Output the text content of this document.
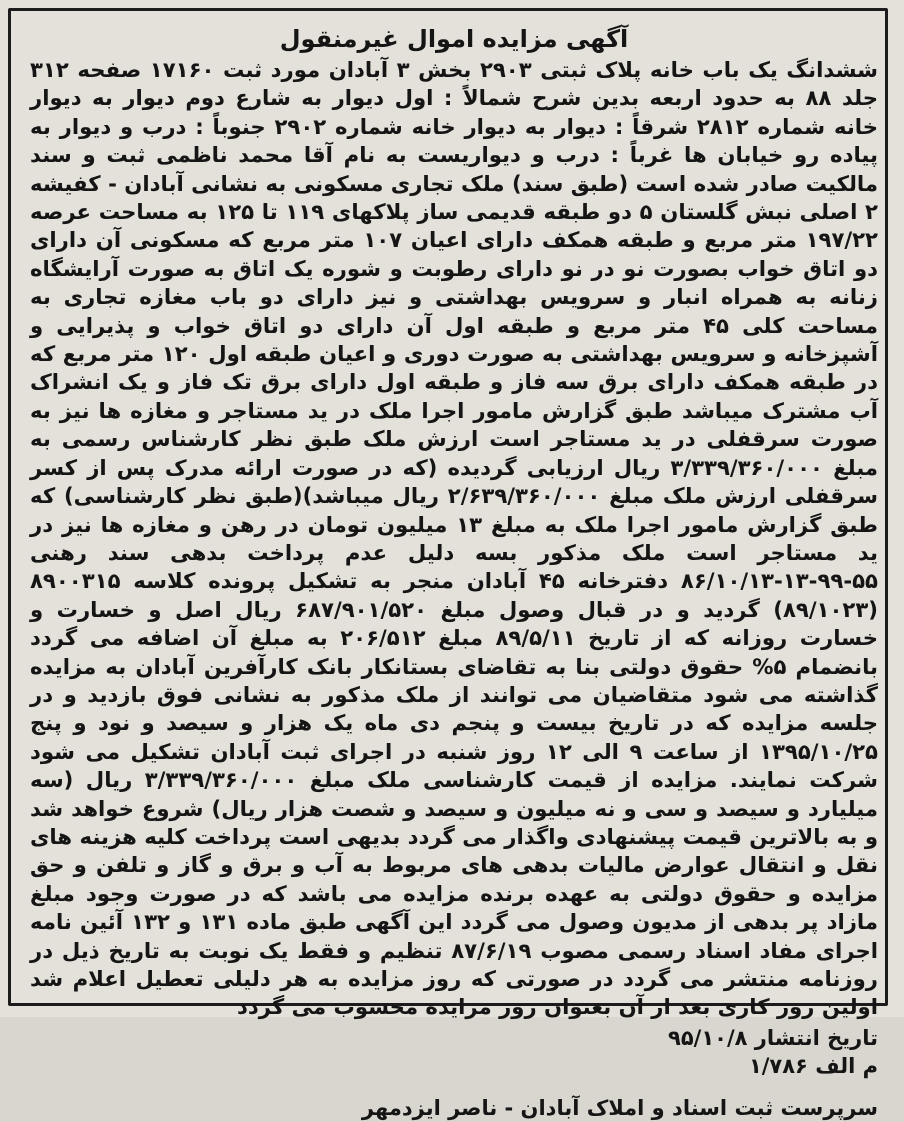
آگهی مزایده اموال غیرمنقول

ششدانگ یک باب خانه پلاک ثبتی ۲۹۰۳ بخش ۳ آبادان مورد ثبت ۱۷۱۶۰ صفحه ۳۱۲ جلد ۸۸ به حدود اربعه بدین شرح شمالاً : اول دیوار به شارع دوم دیوار به دیوار خانه شماره ۲۸۱۲ شرقاً : دیوار به دیوار خانه شماره ۲۹۰۲ جنوباً : درب و دیوار به پیاده رو خیابان ها غرباً : درب و دیواریست به نام آقا محمد ناظمی ثبت و سند مالکیت صادر شده است (طبق سند) ملک تجاری مسکونی به نشانی آبادان - کفیشه ۲ اصلی نبش گلستان ۵ دو طبقه قدیمی ساز پلاکهای ۱۱۹ تا ۱۲۵ به مساحت عرصه ۱۹۷/۲۲ متر مربع و طبقه همکف دارای اعیان ۱۰۷ متر مربع که مسکونی آن دارای دو اتاق خواب بصورت نو در نو دارای رطوبت و شوره یک اتاق به صورت آرایشگاه زنانه به همراه انبار و سرویس بهداشتی و نیز دارای دو باب مغازه تجاری به مساحت کلی ۴۵ متر مربع و طبقه اول آن دارای دو اتاق خواب و پذیرایی و آشپزخانه و سرویس بهداشتی به صورت دوری و اعیان طبقه اول ۱۲۰ متر مربع که در طبقه همکف دارای برق سه فاز و طبقه اول دارای برق تک فاز و یک انشراک آب مشترک میباشد طبق گزارش مامور اجرا ملک در ید مستاجر و مغازه ها نیز به صورت سرقفلی در ید مستاجر است ارزش ملک طبق نظر کارشناس رسمی به مبلغ ۳/۳۳۹/۳۶۰/۰۰۰ ریال ارزیابی گردیده (که در صورت ارائه مدرک پس از کسر سرقفلی ارزش ملک مبلغ ۲/۶۳۹/۳۶۰/۰۰۰ ریال میباشد)(طبق نظر کارشناسی) که طبق گزارش مامور اجرا ملک به مبلغ ۱۳ میلیون تومان در رهن و مغازه ها نیز در ید مستاجر است ملک مذکور بسه دلیل عدم پرداخت بدهی سند رهنی ۵۵-۹۹-۱۳-۸۶/۱۰/۱۳ دفترخانه ۴۵ آبادان منجر به تشکیل پرونده کلاسه ۸۹۰۰۳۱۵ (۸۹/۱۰۲۳) گردید و در قبال وصول مبلغ ۶۸۷/۹۰۱/۵۲۰ ریال اصل و خسارت و خسارت روزانه که از تاریخ ۸۹/۵/۱۱ مبلغ ۲۰۶/۵۱۲ به مبلغ آن اضافه می گردد بانضمام ۵% حقوق دولتی بنا به تقاضای بستانکار بانک کارآفرین آبادان به مزایده گذاشته می شود متقاضیان می توانند از ملک مذکور به نشانی فوق بازدید و در جلسه مزایده که در تاریخ بیست و پنجم دی ماه یک هزار و سیصد و نود و پنج ۱۳۹۵/۱۰/۲۵ از ساعت ۹ الی ۱۲ روز شنبه در اجرای ثبت آبادان تشکیل می شود شرکت نمایند. مزایده از قیمت کارشناسی ملک مبلغ ۳/۳۳۹/۳۶۰/۰۰۰ ریال (سه میلیارد و سیصد و سی و نه میلیون و سیصد و شصت هزار ریال) شروع خواهد شد و به بالاترین قیمت پیشنهادی واگذار می گردد بدیهی است پرداخت کلیه هزینه های نقل و انتقال عوارض مالیات بدهی های مربوط به آب و برق و گاز و تلفن و حق مزایده و حقوق دولتی به عهده برنده مزایده می باشد که در صورت وجود مبلغ مازاد پر بدهی از مدیون وصول می گردد این آگهی طبق ماده ۱۳۱ و ۱۳۲ آئین نامه اجرای مفاد اسناد رسمی مصوب ۸۷/۶/۱۹ تنظیم و فقط یک نوبت به تاریخ ذیل در روزنامه منتشر می گردد در صورتی که روز مزایده به هر دلیلی تعطیل اعلام شد اولین روز کاری بعد از آن بعنوان روز مزایده محسوب می گردد

تاریخ انتشار ۹۵/۱۰/۸
م الف ۱/۷۸۶
سرپرست ثبت اسناد و املاک آبادان - ناصر ایزدمهر
